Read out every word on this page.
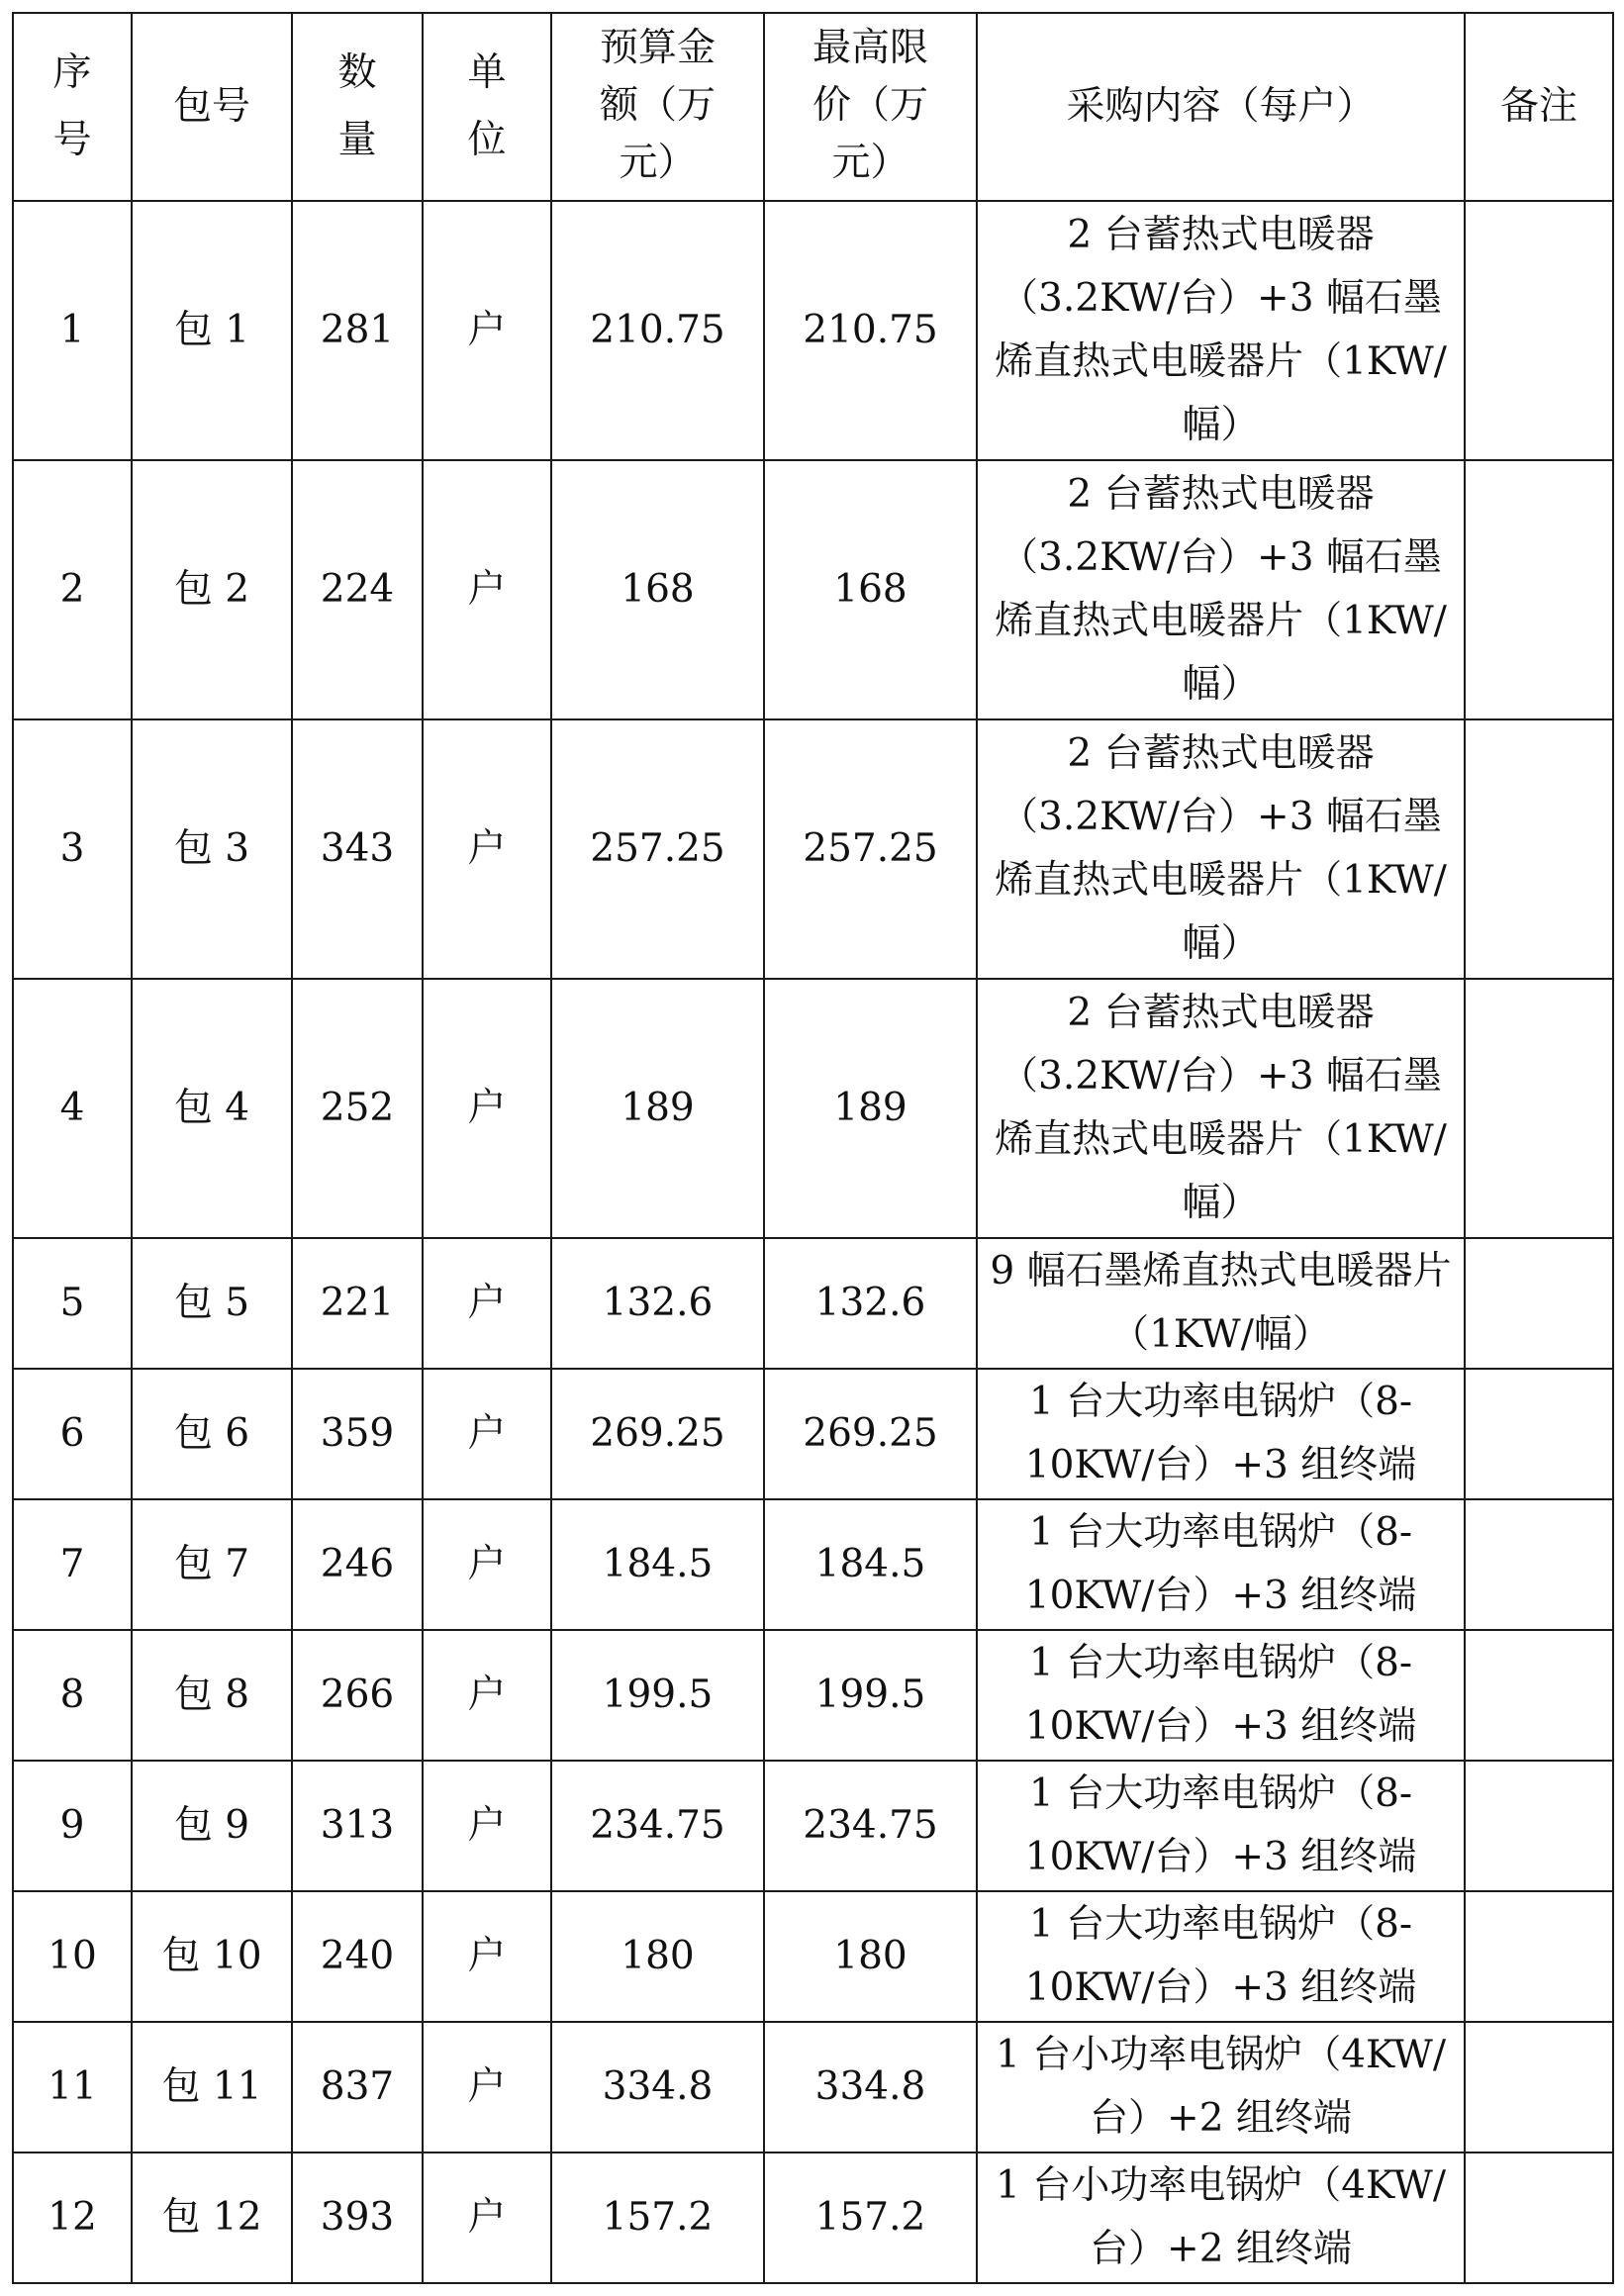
序号	包号	数量	单位	预算金额（万元）	最高限价（万元）	采购内容（每户）	备注
1	包 1	281	户	210.75	210.75	2 台蓄热式电暖器（3.2KW/台）+3 幅石墨烯直热式电暖器片（1KW/幅）	
2	包 2	224	户	168	168	2 台蓄热式电暖器（3.2KW/台）+3 幅石墨烯直热式电暖器片（1KW/幅）	
3	包 3	343	户	257.25	257.25	2 台蓄热式电暖器（3.2KW/台）+3 幅石墨烯直热式电暖器片（1KW/幅）	
4	包 4	252	户	189	189	2 台蓄热式电暖器（3.2KW/台）+3 幅石墨烯直热式电暖器片（1KW/幅）	
5	包 5	221	户	132.6	132.6	9 幅石墨烯直热式电暖器片（1KW/幅）	
6	包 6	359	户	269.25	269.25	1 台大功率电锅炉（8-10KW/台）+3 组终端	
7	包 7	246	户	184.5	184.5	1 台大功率电锅炉（8-10KW/台）+3 组终端	
8	包 8	266	户	199.5	199.5	1 台大功率电锅炉（8-10KW/台）+3 组终端	
9	包 9	313	户	234.75	234.75	1 台大功率电锅炉（8-10KW/台）+3 组终端	
10	包 10	240	户	180	180	1 台大功率电锅炉（8-10KW/台）+3 组终端	
11	包 11	837	户	334.8	334.8	1 台小功率电锅炉（4KW/台）+2 组终端	
12	包 12	393	户	157.2	157.2	1 台小功率电锅炉（4KW/台）+2 组终端	
